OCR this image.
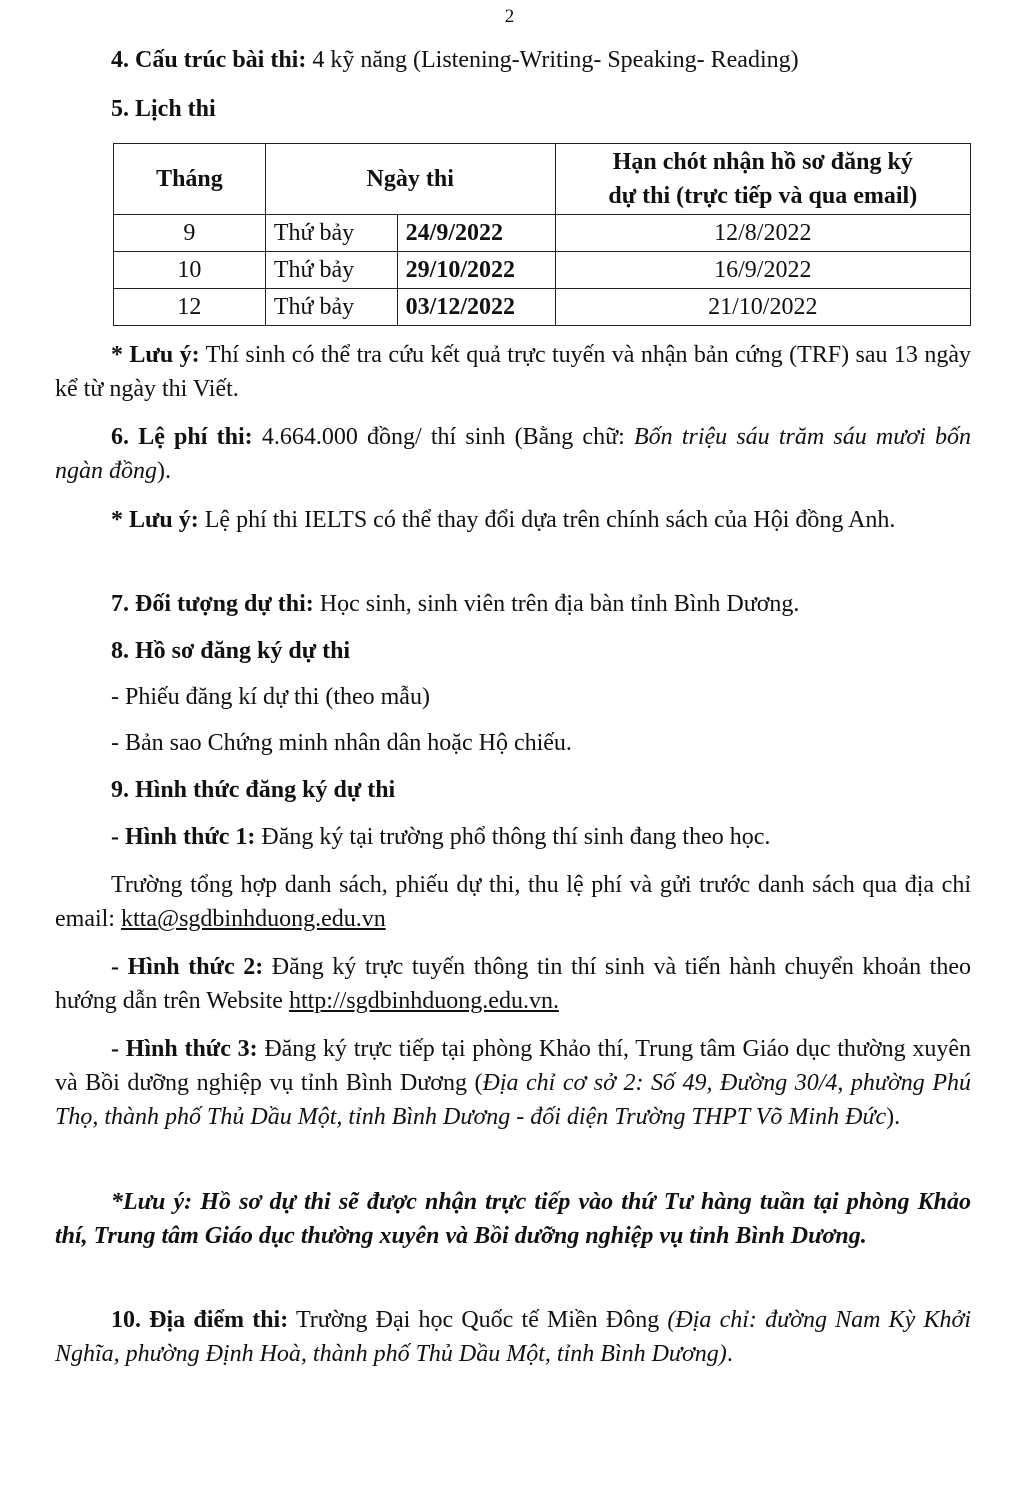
2
4. Cấu trúc bài thi: 4 kỹ năng (Listening-Writing- Speaking- Reading)
5. Lịch thi
Tháng	Ngày thi		Hạn chót nhận hồ sơ đăng ký
dự thi (trực tiếp và qua email)

9	Thứ bảy	24/9/2022	12/8/2022
10	Thứ bảy	29/10/2022	16/9/2022
12	Thứ bảy	03/12/2022	21/10/2022
* Lưu ý: Thí sinh có thể tra cứu kết quả trực tuyến và nhận bản cứng (TRF) sau 13 ngày kể từ ngày thi Viết.
6. Lệ phí thi: 4.664.000 đồng/ thí sinh (Bằng chữ: Bốn triệu sáu trăm sáu mươi bốn ngàn đồng).
* Lưu ý: Lệ phí thi IELTS có thể thay đổi dựa trên chính sách của Hội đồng Anh.
7. Đối tượng dự thi: Học sinh, sinh viên trên địa bàn tỉnh Bình Dương.
8. Hồ sơ đăng ký dự thi
- Phiếu đăng kí dự thi (theo mẫu)
- Bản sao Chứng minh nhân dân hoặc Hộ chiếu.
9. Hình thức đăng ký dự thi
- Hình thức 1: Đăng ký tại trường phổ thông thí sinh đang theo học.
Trường tổng hợp danh sách, phiếu dự thi, thu lệ phí và gửi trước danh sách qua địa chỉ email: ktta@sgdbinhduong.edu.vn
- Hình thức 2: Đăng ký trực tuyến thông tin thí sinh và tiến hành chuyển khoản theo hướng dẫn trên Website http://sgdbinhduong.edu.vn.
- Hình thức 3: Đăng ký trực tiếp tại phòng Khảo thí, Trung tâm Giáo dục thường xuyên và Bồi dưỡng nghiệp vụ tỉnh Bình Dương (Địa chỉ cơ sở 2: Số 49, Đường 30/4, phường Phú Thọ, thành phố Thủ Dầu Một, tỉnh Bình Dương - đối diện Trường THPT Võ Minh Đức).
*Lưu ý: Hồ sơ dự thi sẽ được nhận trực tiếp vào thứ Tư hàng tuần tại phòng Khảo thí, Trung tâm Giáo dục thường xuyên và Bồi dưỡng nghiệp vụ tỉnh Bình Dương.
10. Địa điểm thi: Trường Đại học Quốc tế Miền Đông (Địa chỉ: đường Nam Kỳ Khởi Nghĩa, phường Định Hoà, thành phố Thủ Dầu Một, tỉnh Bình Dương).
